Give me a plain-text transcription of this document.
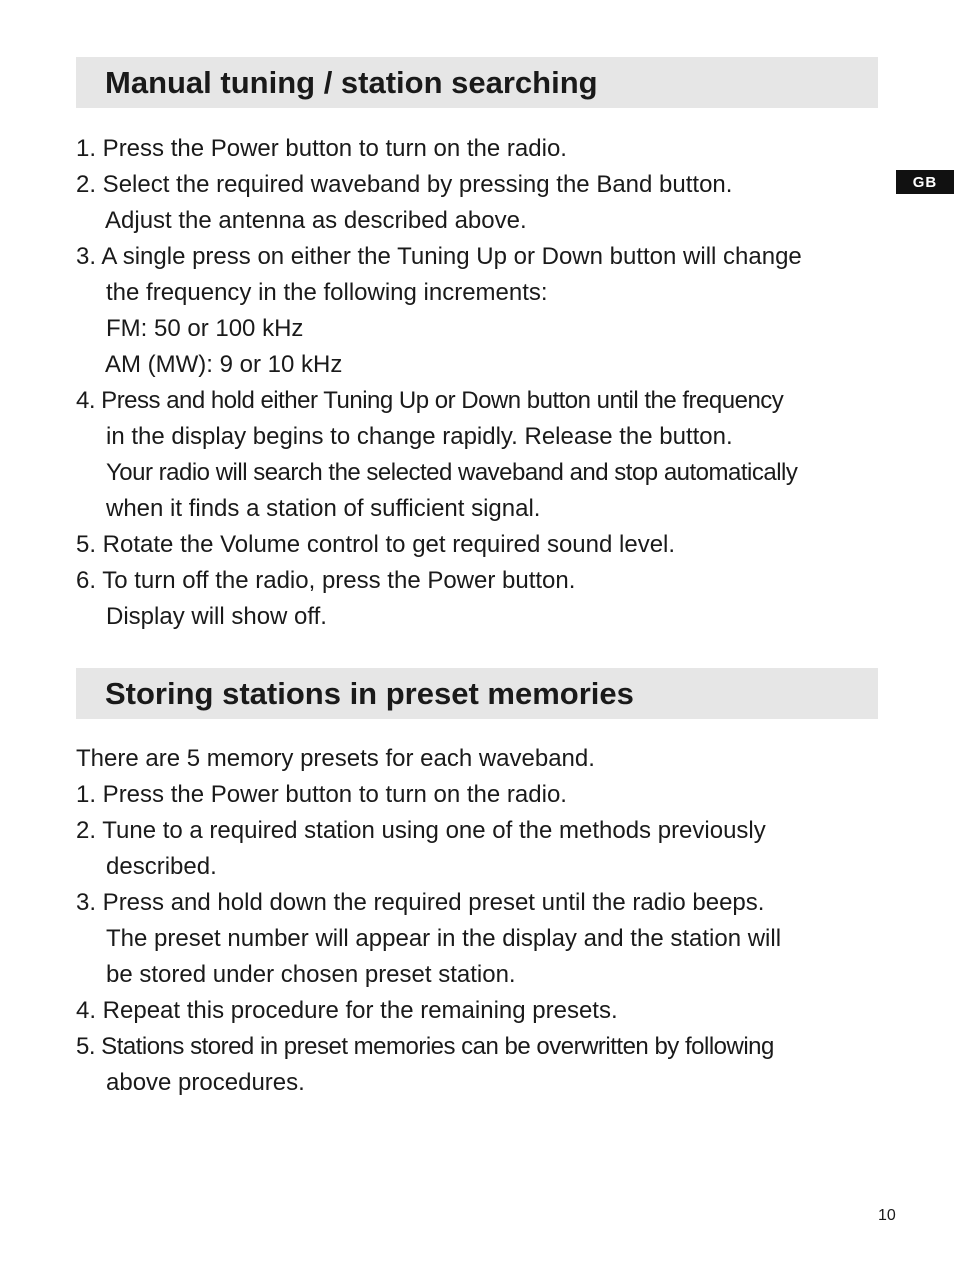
GB
Manual tuning / station searching
1. Press the Power button to turn on the radio.
2. Select the required waveband by pressing the Band button.
Adjust the antenna as described above.
3. A single press on either the Tuning Up or Down button will change
the frequency in the following increments:
FM: 50 or 100 kHz
AM (MW): 9 or 10 kHz
4. Press and hold either Tuning Up or Down button until the frequency
in the display begins to change rapidly. Release the button.
Your radio will search the selected waveband and stop automatically
when it finds a station of sufficient signal.
5. Rotate the Volume control to get required sound level.
6. To turn off the radio, press the Power button.
Display will show off.
Storing stations in preset memories
There are 5 memory presets for each waveband.
1. Press the Power button to turn on the radio.
2. Tune to a required station using one of the methods previously
described.
3. Press and hold down the required preset until the radio beeps.
The preset number will appear in the display and the station will
be stored under chosen preset station.
4. Repeat this procedure for the remaining presets.
5. Stations stored in preset memories can be overwritten by following
above procedures.
10
